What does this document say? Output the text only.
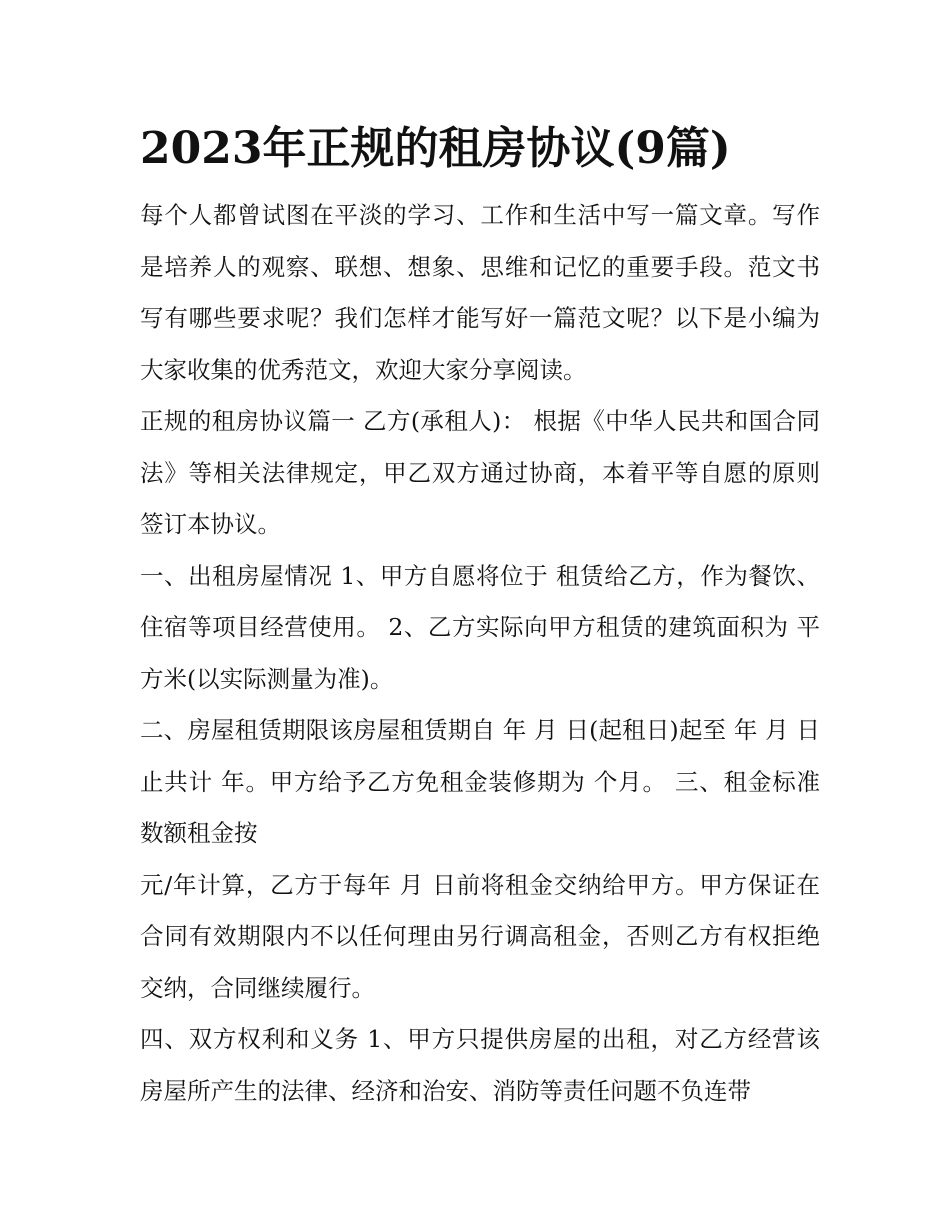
2023年正规的租房协议(9篇)

每个人都曾试图在平淡的学习、工作和生活中写一篇文章。写作是培养人的观察、联想、想象、思维和记忆的重要手段。范文书写有哪些要求呢？我们怎样才能写好一篇范文呢？以下是小编为大家收集的优秀范文，欢迎大家分享阅读。

正规的租房协议篇一 乙方(承租人)： 根据《中华人民共和国合同法》等相关法律规定，甲乙双方通过协商，本着平等自愿的原则签订本协议。

一、出租房屋情况 1、甲方自愿将位于 租赁给乙方，作为餐饮、住宿等项目经营使用。 2、乙方实际向甲方租赁的建筑面积为 平方米(以实际测量为准)。

二、房屋租赁期限该房屋租赁期自 年 月 日(起租日)起至 年 月 日止共计 年。甲方给予乙方免租金装修期为 个月。 三、租金标准数额租金按

元/年计算，乙方于每年 月 日前将租金交纳给甲方。甲方保证在合同有效期限内不以任何理由另行调高租金，否则乙方有权拒绝交纳，合同继续履行。

四、双方权利和义务 1、甲方只提供房屋的出租，对乙方经营该房屋所产生的法律、经济和治安、消防等责任问题不负连带
